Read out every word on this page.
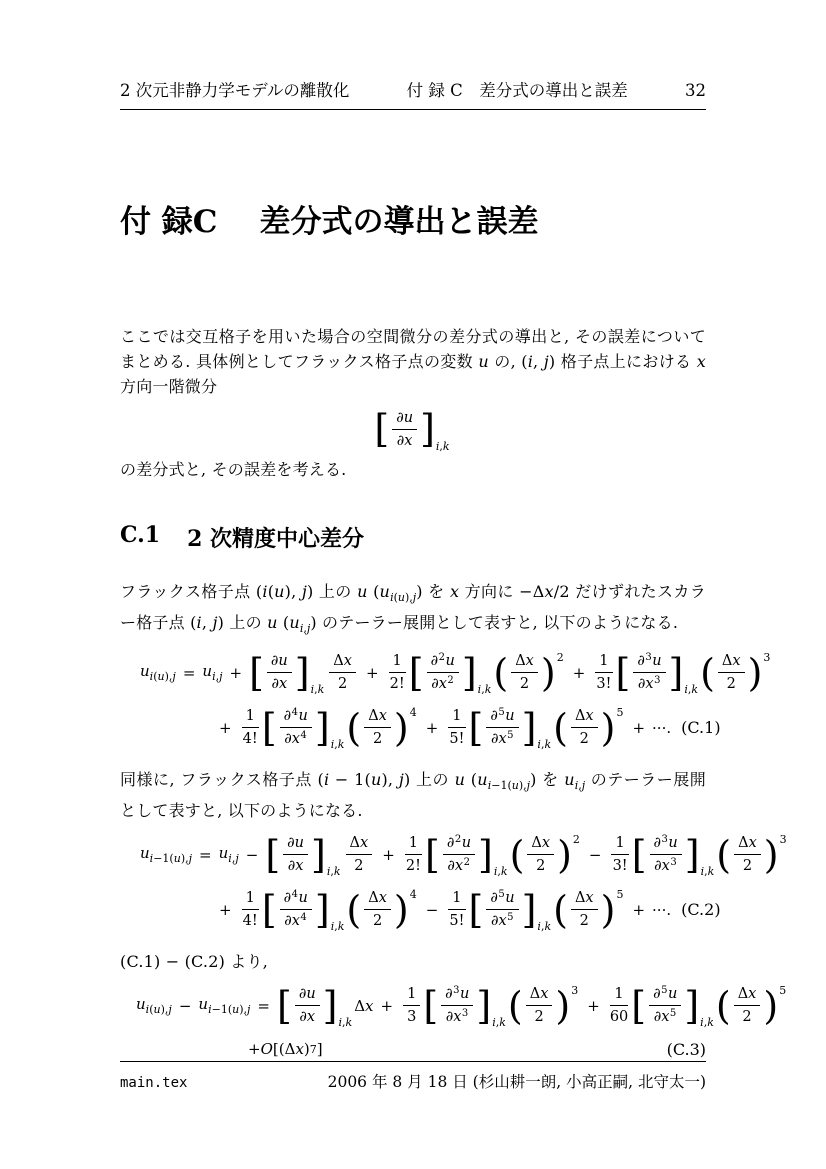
2 次元非静力学モデルの離散化	付 録 C　差分式の導出と誤差	32
付 録C 差分式の導出と誤差
ここでは交互格子を用いた場合の空間微分の差分式の導出と, その誤差についてまとめる. 具体例としてフラックス格子点の変数 u の, (i, j) 格子点上における x 方向一階微分
[ ∂u
∂x ] i,k
の差分式と, その誤差を考える.
C.1 2 次精度中心差分
フラックス格子点 (i(u), j) 上の u $(u_{i(u),j})$ を x 方向に −Δx/2 だけずれたスカラー格子点 (i, j) 上の u $(u_{i,j})$ のテーラー展開として表すと, 以下のようになる.
$u_{i(u),j} = u_{i,j}$ + [ ∂u
∂x ] i,k
Δx
2
+ $\frac{1}{2!}$ [ ∂$^2$u
$\partial x^2$ ] i,k ( Δx
2 ) 2
+ $\frac{1}{3!}$ [ ∂$^3$u
$\partial x^3$ ] i,k ( Δx
2 ) 3
+ $\frac{1}{4!}$ [ ∂$^4$u
$\partial x^4$ ] i,k ( Δx
2 ) 4
+ $\frac{1}{5!}$ [ ∂$^5$u
$\partial x^5$ ] i,k ( Δx
2 ) 5
+ ···. (C.1)
同様に, フラックス格子点 (i − 1(u), j) 上の u $(u_{i-1(u),j})$ を $u_{i,j}$ のテーラー展開として表すと, 以下のようになる.
$u_{i-1(u),j} = u_{i,j}$ − [ ∂u
∂x ] i,k
Δx
2
+ $\frac{1}{2!}$ [ ∂$^2$u
$\partial x^2$ ] i,k ( Δx
2 ) 2
− $\frac{1}{3!}$ [ ∂$^3$u
$\partial x^3$ ] i,k ( Δx
2 ) 3
+ $\frac{1}{4!}$ [ ∂$^4$u
$\partial x^4$ ] i,k ( Δx
2 ) 4
− $\frac{1}{5!}$ [ ∂$^5$u
$\partial x^5$ ] i,k ( Δx
2 ) 5
+ ···. (C.2)
(C.1) − (C.2) より,
$u_{i(u),j} - u_{i-1(u),j}$ = [ ∂u
∂x ] i,k
$\Delta x + \frac{1}{3}$ [ ∂$^3$u
$\partial x^3$ ] i,k ( Δx
2 ) 3
+ $\frac{1}{60}$ [ ∂$^5$u
$\partial x^5$ ] i,k ( Δx
2 ) 5
+O[(Δx) 7 ]	(C.3)
main.tex	2006 年 8 月 18 日 (杉山耕一朗, 小高正嗣, 北守太一)
